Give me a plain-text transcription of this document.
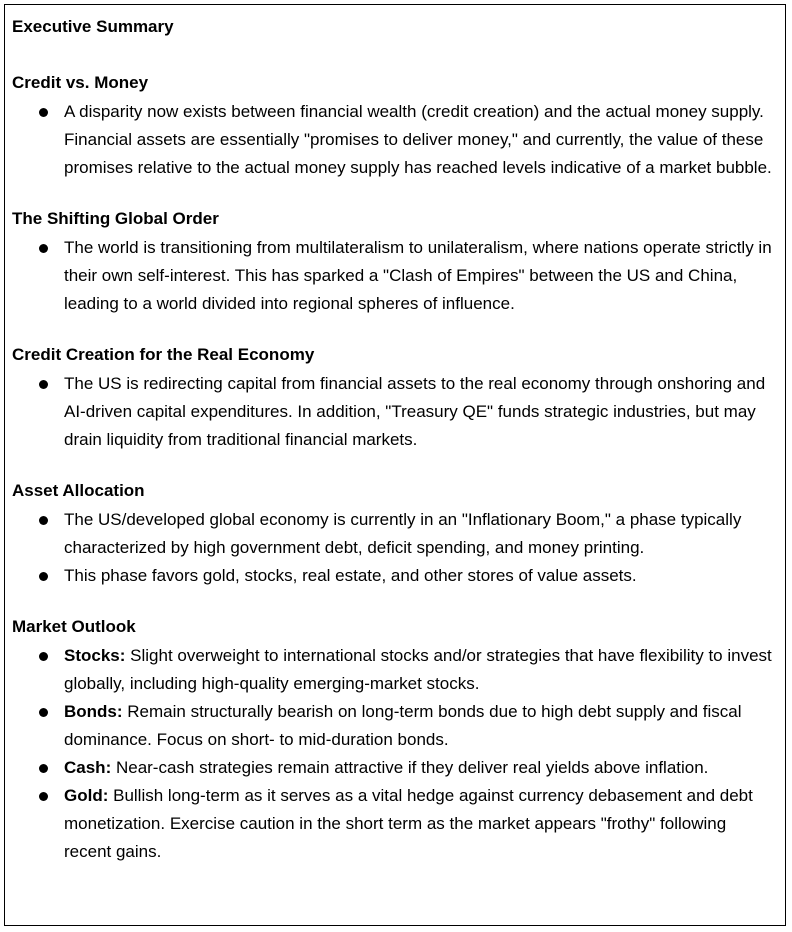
Executive Summary
Credit vs. Money
A disparity now exists between financial wealth (credit creation) and the actual money supply. Financial assets are essentially "promises to deliver money," and currently, the value of these promises relative to the actual money supply has reached levels indicative of a market bubble.
The Shifting Global Order
The world is transitioning from multilateralism to unilateralism, where nations operate strictly in their own self-interest. This has sparked a "Clash of Empires" between the US and China, leading to a world divided into regional spheres of influence.
Credit Creation for the Real Economy
The US is redirecting capital from financial assets to the real economy through onshoring and AI-driven capital expenditures. In addition, "Treasury QE" funds strategic industries, but may drain liquidity from traditional financial markets.
Asset Allocation
The US/developed global economy is currently in an "Inflationary Boom," a phase typically characterized by high government debt, deficit spending, and money printing.
This phase favors gold, stocks, real estate, and other stores of value assets.
Market Outlook
Stocks: Slight overweight to international stocks and/or strategies that have flexibility to invest globally, including high-quality emerging-market stocks.
Bonds: Remain structurally bearish on long-term bonds due to high debt supply and fiscal dominance. Focus on short- to mid-duration bonds.
Cash: Near-cash strategies remain attractive if they deliver real yields above inflation.
Gold: Bullish long-term as it serves as a vital hedge against currency debasement and debt monetization. Exercise caution in the short term as the market appears "frothy" following recent gains.
